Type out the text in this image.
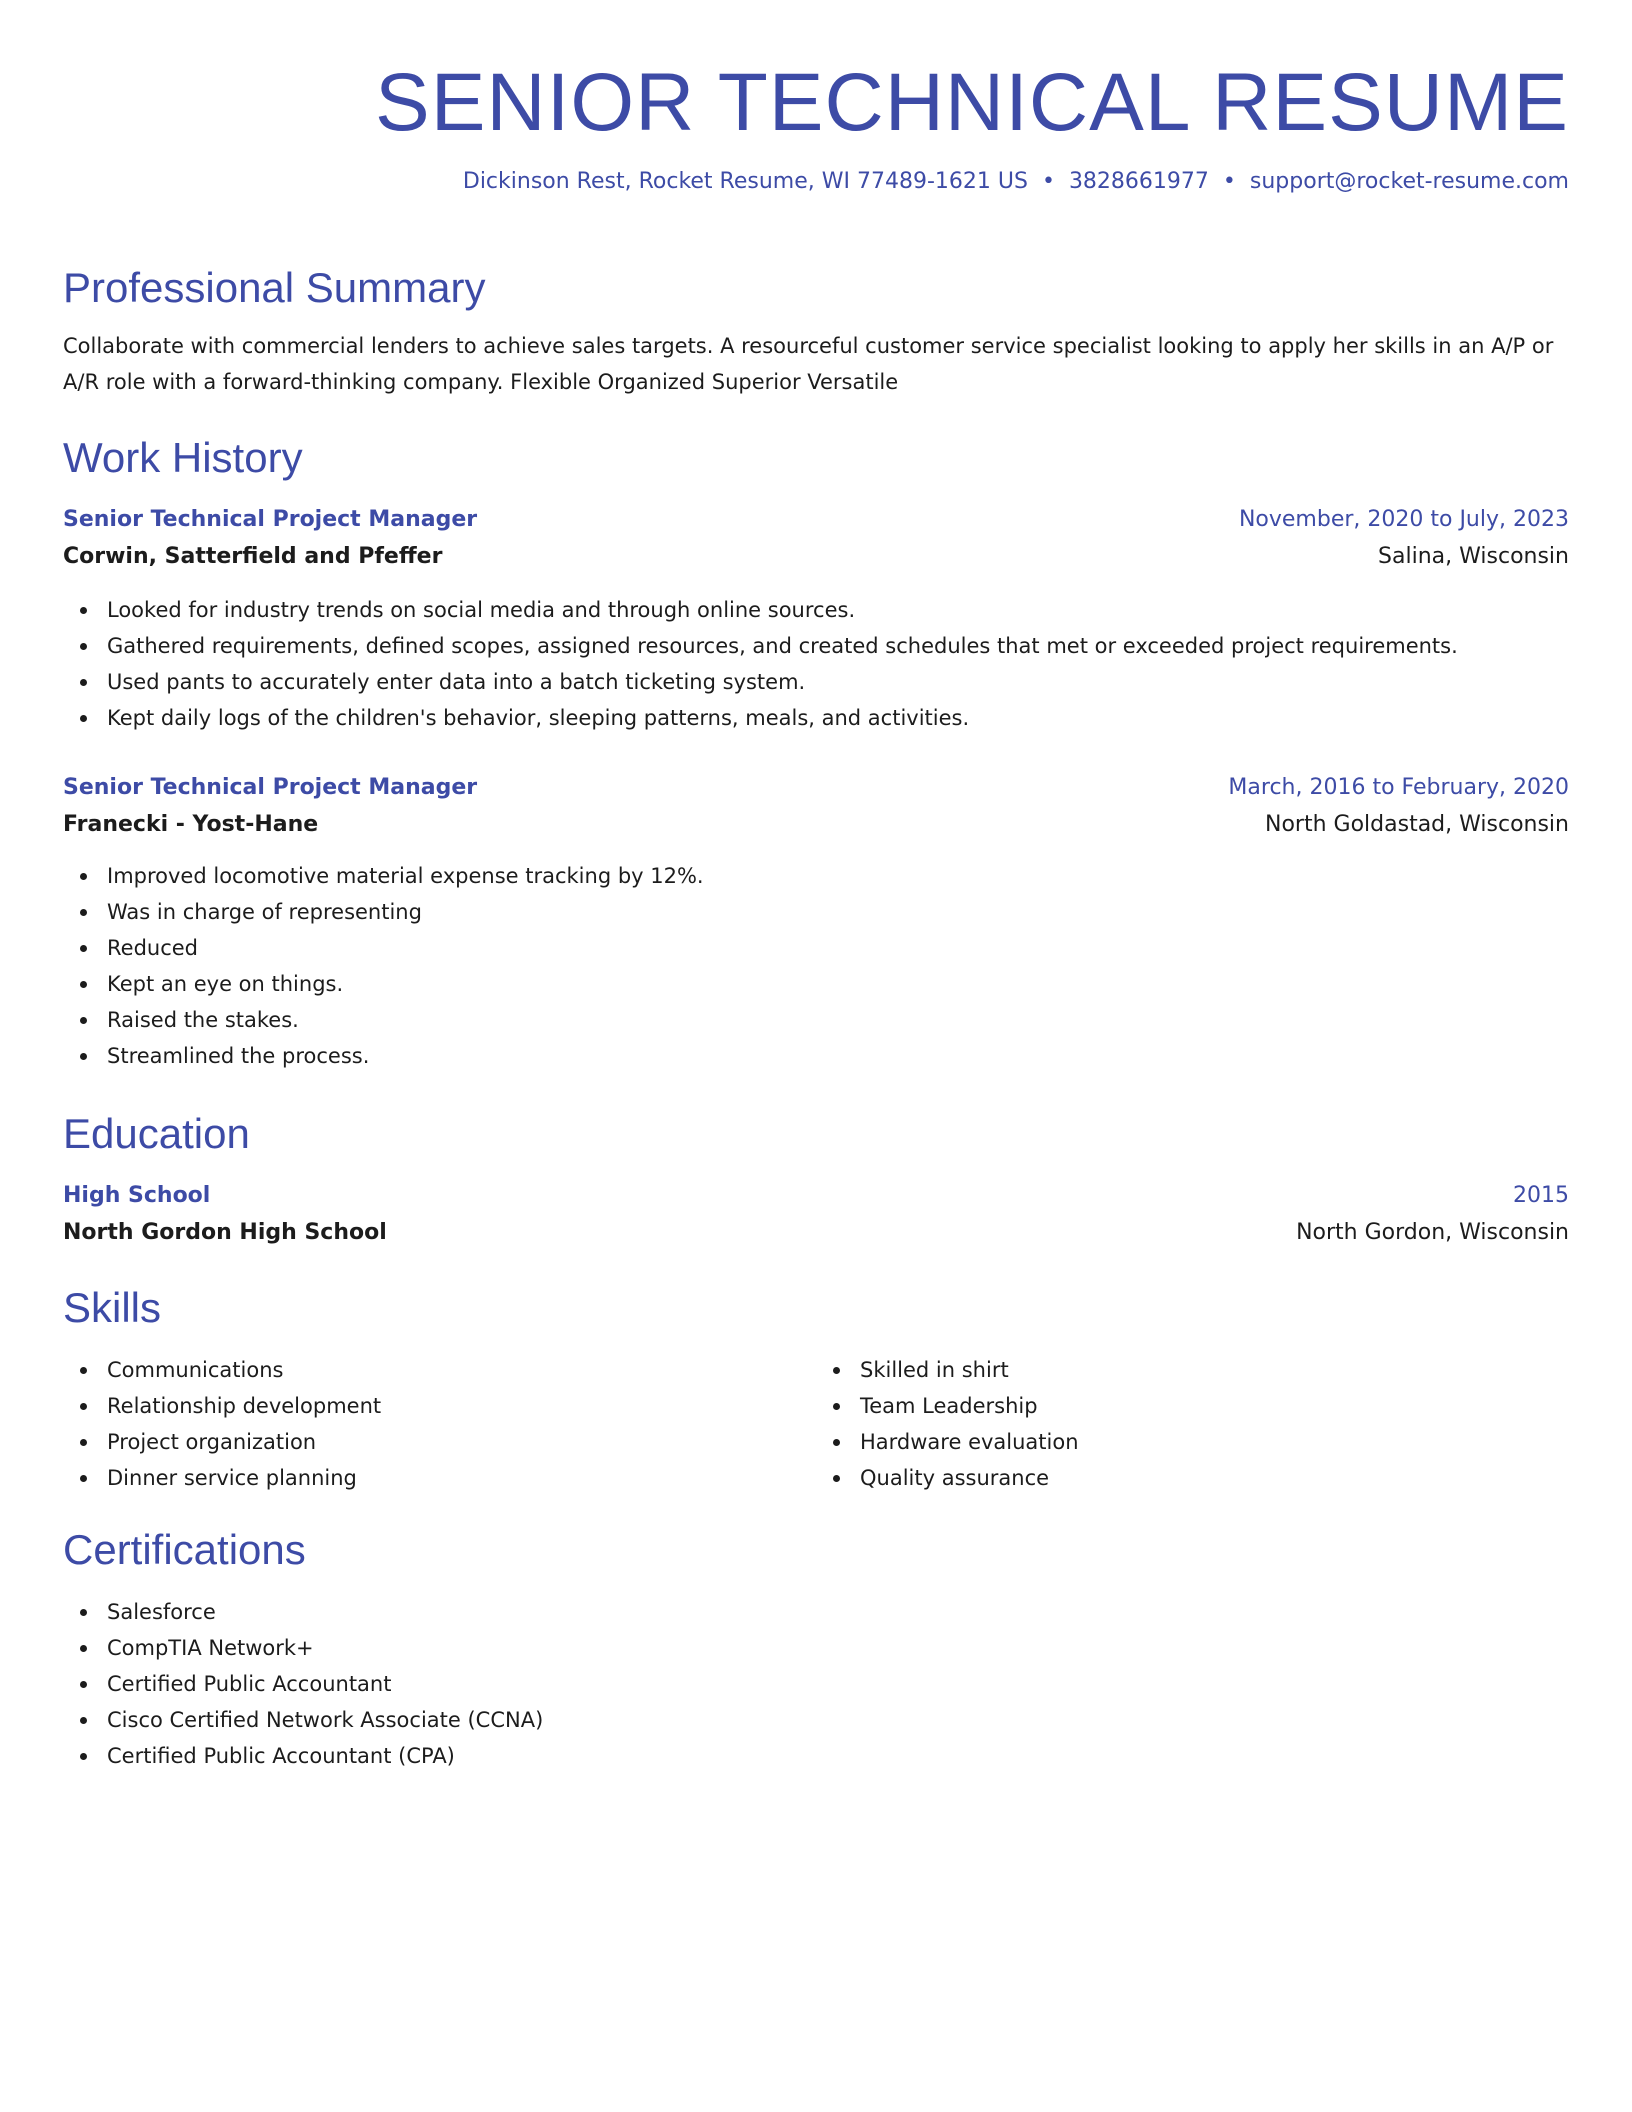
SENIOR TECHNICAL RESUME
Dickinson Rest, Rocket Resume, WI 77489-1621 US • 3828661977 • support@rocket-resume.com
Professional Summary
Collaborate with commercial lenders to achieve sales targets. A resourceful customer service specialist looking to apply her skills in an A/P or A/R role with a forward-thinking company. Flexible Organized Superior Versatile
Work History
Senior Technical Project Manager	November, 2020 to July, 2023
Corwin, Satterfield and Pfeffer	Salina, Wisconsin
Looked for industry trends on social media and through online sources.
Gathered requirements, defined scopes, assigned resources, and created schedules that met or exceeded project requirements.
Used pants to accurately enter data into a batch ticketing system.
Kept daily logs of the children's behavior, sleeping patterns, meals, and activities.
Senior Technical Project Manager	March, 2016 to February, 2020
Franecki - Yost-Hane	North Goldastad, Wisconsin
Improved locomotive material expense tracking by 12%.
Was in charge of representing
Reduced
Kept an eye on things.
Raised the stakes.
Streamlined the process.
Education
High School	2015
North Gordon High School	North Gordon, Wisconsin
Skills
Communications
Relationship development
Project organization
Dinner service planning
Skilled in shirt
Team Leadership
Hardware evaluation
Quality assurance
Certifications
Salesforce
CompTIA Network+
Certified Public Accountant
Cisco Certified Network Associate (CCNA)
Certified Public Accountant (CPA)
